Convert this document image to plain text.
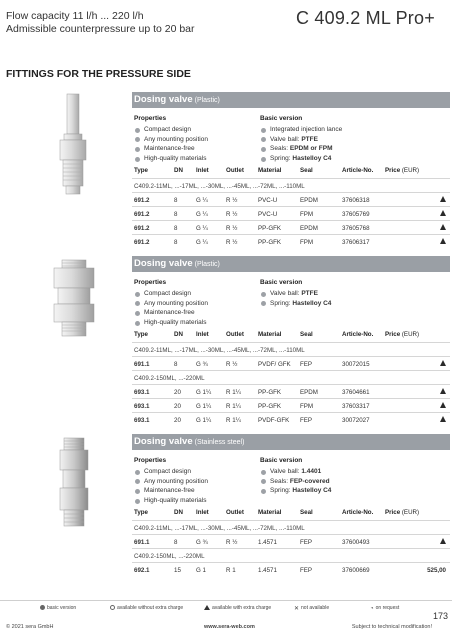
Flow capacity 11 l/h ... 220 l/h
Admissible counterpressure up to 20 bar
C 409.2 ML Pro+
FITTINGS FOR THE PRESSURE SIDE
Dosing valve (Plastic)
Properties	Basic version
Compact design
Any mounting position
Maintenance-free
High-quality materials
Integrated injection lance
Valve ball: PTFE
Seals: EPDM or FPM
Spring: Hastelloy C4
Type	DN Inlet	Outlet Material	Seal	Article-No. Price (EUR)
C409.2-11ML, ...-17ML, ...-30ML, ...-45ML, ...-72ML, ...-110ML
691.2	8	G ¼	R ½	PVC-U	EPDM	37606318
691.2	8	G ¼	R ½	PVC-U	FPM	37605769
691.2	8	G ¼	R ½	PP-GFK	EPDM	37605768
691.2	8	G ¼	R ½	PP-GFK	FPM	37606317
Dosing valve (Plastic)
Properties	Basic version
Compact design
Any mounting position
Maintenance-free
High-quality materials
Valve ball: PTFE
Spring: Hastelloy C4
Type	DN Inlet	Outlet Material	Seal	Article-No. Price (EUR)
C409.2-11ML, ...-17ML, ...-30ML, ...-45ML, ...-72ML, ...-110ML
691.1	8	G ¾	R ½	PVDF/ GFK FEP	30072015
C409.2-150ML, ...-220ML
693.1	20 G 1¼ R 1¼	PP-GFK	EPDM	37604661
693.1	20 G 1¼ R 1¼	PP-GFK	FPM	37603317
693.1	20 G 1¼ R 1¼	PVDF-GFK FEP	30072027
Dosing valve (Stainless steel)
Properties	Basic version
Compact design
Any mounting position
Maintenance-free
High-quality materials
Valve ball: 1.4401
Seals: FEP-covered
Spring: Hastelloy C4
Type	DN Inlet	Outlet Material	Seal	Article-No. Price (EUR)
C409.2-11ML, ...-17ML, ...-30ML, ...-45ML, ...-72ML, ...-110ML
691.1	8	G ¾	R ½	1.4571	FEP	37600493
C409.2-150ML, ...-220ML
692.1	15 G 1	R 1	1.4571	FEP	37600669	525,00
basic version	available without extra charge	available with extra charge	✕ not available	◔ on request
173
© 2021 sera GmbH	www.sera-web.com	Subject to technical modification!
